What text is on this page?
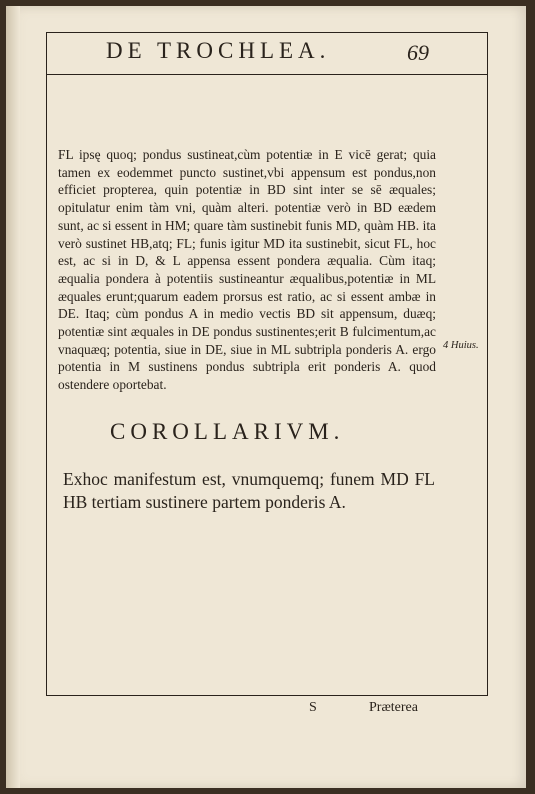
DE TROCHLEA.	69
FL ipsę quoq; pondus sustineat,cùm potentiæ in E vicē gerat; quia tamen ex eodemmet puncto sustinet,vbi appensum est pondus,non efficiet propterea, quin potentiæ in BD sint inter se sē æquales; opitulatur enim tàm vni, quàm alteri. potentiæ verò in BD eædem sunt, ac si essent in HM; quare tàm sustinebit funis MD, quàm HB. ita verò sustinet HB,atq; FL; funis igitur MD ita sustinebit, sicut FL, hoc est, ac si in D, & L appensa essent pondera æqualia. Cùm itaq; æqualia pondera à potentiis sustineantur æqualibus,potentiæ in ML æquales erunt;quarum eadem prorsus est ratio, ac si essent ambæ in DE. Itaq; cùm pondus A in medio vectis BD sit appensum, duæq; potentiæ sint æquales in DE pondus sustinentes;erit B fulcimentum,ac vnaquæq; potentia, siue in DE, siue in ML subtripla ponderis A. ergo potentia in M sustinens pondus subtripla erit ponderis A. quod ostendere oportebat.
4 Huius.
COROLLARIVM.
Exhoc manifestum est, vnumquemq; funem MD FL HB tertiam sustinere partem ponderis A.
S	Præterea
